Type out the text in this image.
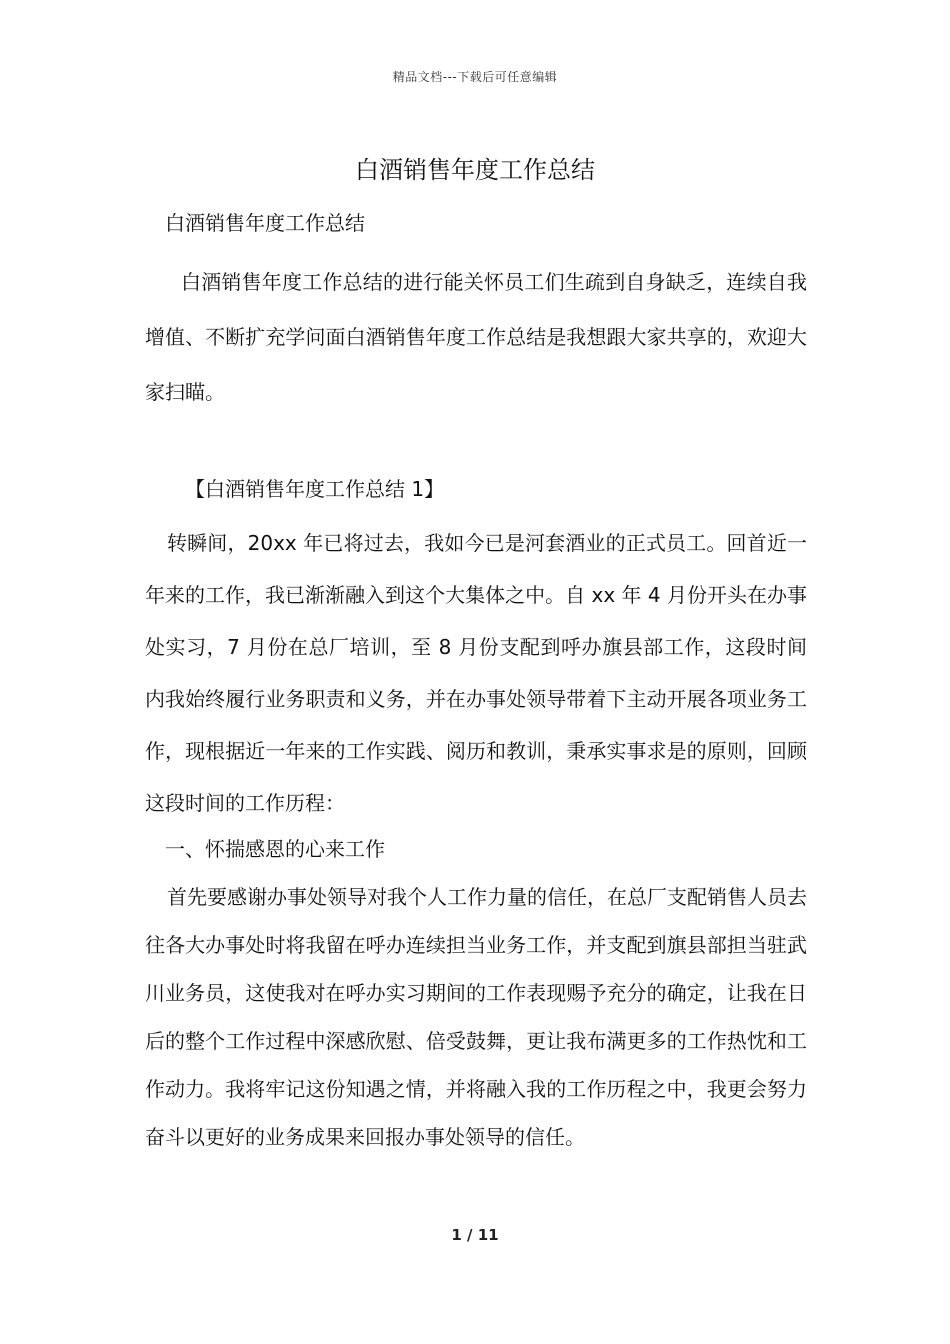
精品文档---下载后可任意编辑
白酒销售年度工作总结

白酒销售年度工作总结

白酒销售年度工作总结的进行能关怀员工们生疏到自身缺乏，连续自我增值、不断扩充学问面白酒销售年度工作总结是我想跟大家共享的，欢迎大家扫瞄。

【白酒销售年度工作总结 1】

转瞬间，20xx 年已将过去，我如今已是河套酒业的正式员工。回首近一年来的工作，我已渐渐融入到这个大集体之中。自 xx 年 4 月份开头在办事处实习，7 月份在总厂培训，至 8 月份支配到呼办旗县部工作，这段时间内我始终履行业务职责和义务，并在办事处领导带着下主动开展各项业务工作，现根据近一年来的工作实践、阅历和教训，秉承实事求是的原则，回顾这段时间的工作历程：

一、怀揣感恩的心来工作

首先要感谢办事处领导对我个人工作力量的信任，在总厂支配销售人员去往各大办事处时将我留在呼办连续担当业务工作，并支配到旗县部担当驻武川业务员，这使我对在呼办实习期间的工作表现赐予充分的确定，让我在日后的整个工作过程中深感欣慰、倍受鼓舞，更让我布满更多的工作热忱和工作动力。我将牢记这份知遇之情，并将融入我的工作历程之中，我更会努力奋斗以更好的业务成果来回报办事处领导的信任。

1 / 11
